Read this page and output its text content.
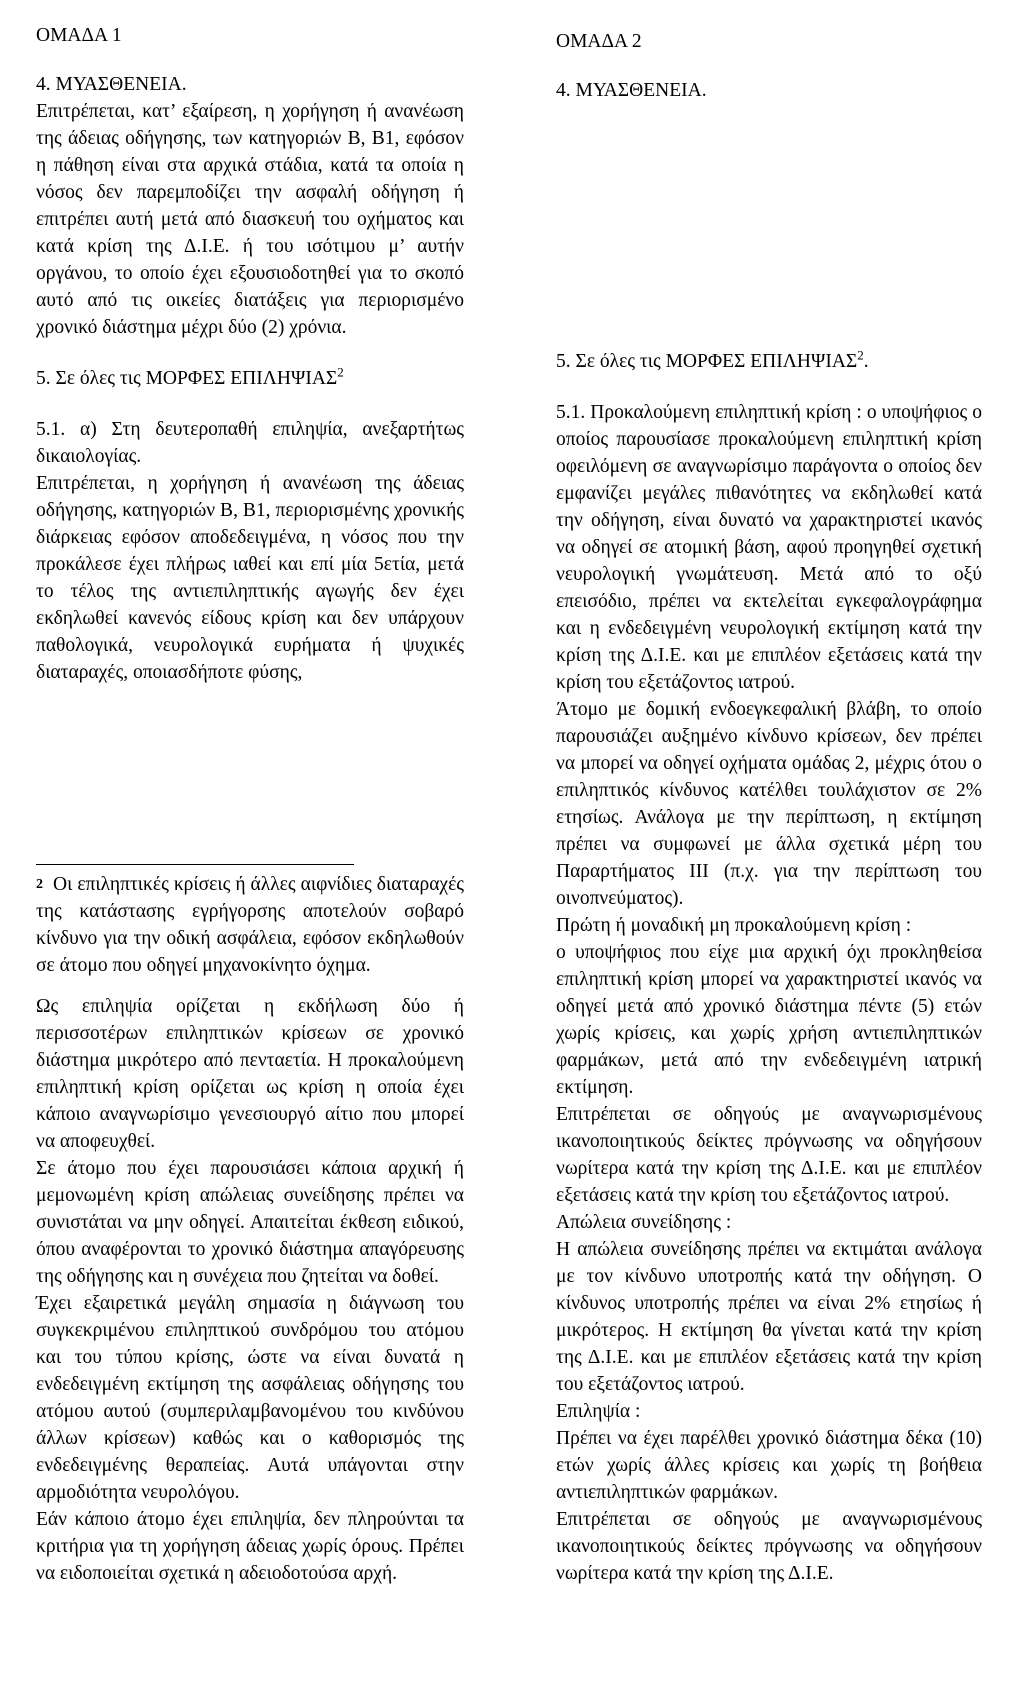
ΟΜΑΔΑ 1

4. ΜΥΑΣΘΕΝΕΙΑ.

Επιτρέπεται, κατ’ εξαίρεση, η χορήγηση ή ανανέωση της άδειας οδήγησης, των κατηγοριών Β, Β1, εφόσον η πάθηση είναι στα αρχικά στάδια, κατά τα οποία η νόσος δεν παρεμποδίζει την ασφαλή οδήγηση ή επιτρέπει αυτή μετά από διασκευή του οχήματος και κατά κρίση της Δ.Ι.Ε. ή του ισότιμου μ’ αυτήν οργάνου, το οποίο έχει εξουσιοδοτηθεί για το σκοπό αυτό από τις οικείες διατάξεις για περιορισμένο χρονικό διάστημα μέχρι δύο (2) χρόνια.

5. Σε όλες τις ΜΟΡΦΕΣ ΕΠΙΛΗΨΙΑΣ$^2$

5.1. α) Στη δευτεροπαθή επιληψία, ανεξαρτήτως δικαιολογίας.

Επιτρέπεται, η χορήγηση ή ανανέωση της άδειας οδήγησης, κατηγοριών Β, Β1, περιορισμένης χρονικής διάρκειας εφόσον αποδεδειγμένα, η νόσος που την προκάλεσε έχει πλήρως ιαθεί και επί μία 5ετία, μετά το τέλος της αντιεπιληπτικής αγωγής δεν έχει εκδηλωθεί κανενός είδους κρίση και δεν υπάρχουν παθολογικά, νευρολογικά ευρήματα ή ψυχικές διαταραχές, οποιασδήποτε φύσης,

$^2$ Οι επιληπτικές κρίσεις ή άλλες αιφνίδιες διαταραχές της κατάστασης εγρήγορσης αποτελούν σοβαρό κίνδυνο για την οδική ασφάλεια, εφόσον εκδηλωθούν σε άτομο που οδηγεί μηχανοκίνητο όχημα.

Ως επιληψία ορίζεται η εκδήλωση δύο ή περισσοτέρων επιληπτικών κρίσεων σε χρονικό διάστημα μικρότερο από πενταετία. Η προκαλούμενη επιληπτική κρίση ορίζεται ως κρίση η οποία έχει κάποιο αναγνωρίσιμο γενεσιουργό αίτιο που μπορεί να αποφευχθεί.

Σε άτομο που έχει παρουσιάσει κάποια αρχική ή μεμονωμένη κρίση απώλειας συνείδησης πρέπει να συνιστάται να μην οδηγεί. Απαιτείται έκθεση ειδικού, όπου αναφέρονται το χρονικό διάστημα απαγόρευσης της οδήγησης και η συνέχεια που ζητείται να δοθεί.

Έχει εξαιρετικά μεγάλη σημασία η διάγνωση του συγκεκριμένου επιληπτικού συνδρόμου του ατόμου και του τύπου κρίσης, ώστε να είναι δυνατά η ενδεδειγμένη εκτίμηση της ασφάλειας οδήγησης του ατόμου αυτού (συμπεριλαμβανομένου του κινδύνου άλλων κρίσεων) καθώς και ο καθορισμός της ενδεδειγμένης θεραπείας. Αυτά υπάγονται στην αρμοδιότητα νευρολόγου.

Εάν κάποιο άτομο έχει επιληψία, δεν πληρούνται τα κριτήρια για τη χορήγηση άδειας χωρίς όρους. Πρέπει να ειδοποιείται σχετικά η αδειοδοτούσα αρχή.

ΟΜΑΔΑ 2

4. ΜΥΑΣΘΕΝΕΙΑ.

5. Σε όλες τις ΜΟΡΦΕΣ ΕΠΙΛΗΨΙΑΣ$^2$.

5.1. Προκαλούμενη επιληπτική κρίση : ο υποψήφιος ο οποίος παρουσίασε προκαλούμενη επιληπτική κρίση οφειλόμενη σε αναγνωρίσιμο παράγοντα ο οποίος δεν εμφανίζει μεγάλες πιθανότητες να εκδηλωθεί κατά την οδήγηση, είναι δυνατό να χαρακτηριστεί ικανός να οδηγεί σε ατομική βάση, αφού προηγηθεί σχετική νευρολογική γνωμάτευση. Μετά από το οξύ επεισόδιο, πρέπει να εκτελείται εγκεφαλογράφημα και η ενδεδειγμένη νευρολογική εκτίμηση κατά την κρίση της Δ.Ι.Ε. και με επιπλέον εξετάσεις κατά την κρίση του εξετάζοντος ιατρού.

Άτομο με δομική ενδοεγκεφαλική βλάβη, το οποίο παρουσιάζει αυξημένο κίνδυνο κρίσεων, δεν πρέπει να μπορεί να οδηγεί οχήματα ομάδας 2, μέχρις ότου ο επιληπτικός κίνδυνος κατέλθει τουλάχιστον σε 2% ετησίως. Ανάλογα με την περίπτωση, η εκτίμηση πρέπει να συμφωνεί με άλλα σχετικά μέρη του Παραρτήματος ΙΙΙ (π.χ. για την περίπτωση του οινοπνεύματος).

Πρώτη ή μοναδική μη προκαλούμενη κρίση :

ο υποψήφιος που είχε μια αρχική όχι προκληθείσα επιληπτική κρίση μπορεί να χαρακτηριστεί ικανός να οδηγεί μετά από χρονικό διάστημα πέντε (5) ετών χωρίς κρίσεις, και χωρίς χρήση αντιεπιληπτικών φαρμάκων, μετά από την ενδεδειγμένη ιατρική εκτίμηση.

Επιτρέπεται σε οδηγούς με αναγνωρισμένους ικανοποιητικούς δείκτες πρόγνωσης να οδηγήσουν νωρίτερα κατά την κρίση της Δ.Ι.Ε. και με επιπλέον εξετάσεις κατά την κρίση του εξετάζοντος ιατρού.

Απώλεια συνείδησης :

Η απώλεια συνείδησης πρέπει να εκτιμάται ανάλογα με τον κίνδυνο υποτροπής κατά την οδήγηση. Ο κίνδυνος υποτροπής πρέπει να είναι 2% ετησίως ή μικρότερος. Η εκτίμηση θα γίνεται κατά την κρίση της Δ.Ι.Ε. και με επιπλέον εξετάσεις κατά την κρίση του εξετάζοντος ιατρού.

Επιληψία :

Πρέπει να έχει παρέλθει χρονικό διάστημα δέκα (10) ετών χωρίς άλλες κρίσεις και χωρίς τη βοήθεια αντιεπιληπτικών φαρμάκων.

Επιτρέπεται σε οδηγούς με αναγνωρισμένους ικανοποιητικούς δείκτες πρόγνωσης να οδηγήσουν νωρίτερα κατά την κρίση της Δ.Ι.Ε.
